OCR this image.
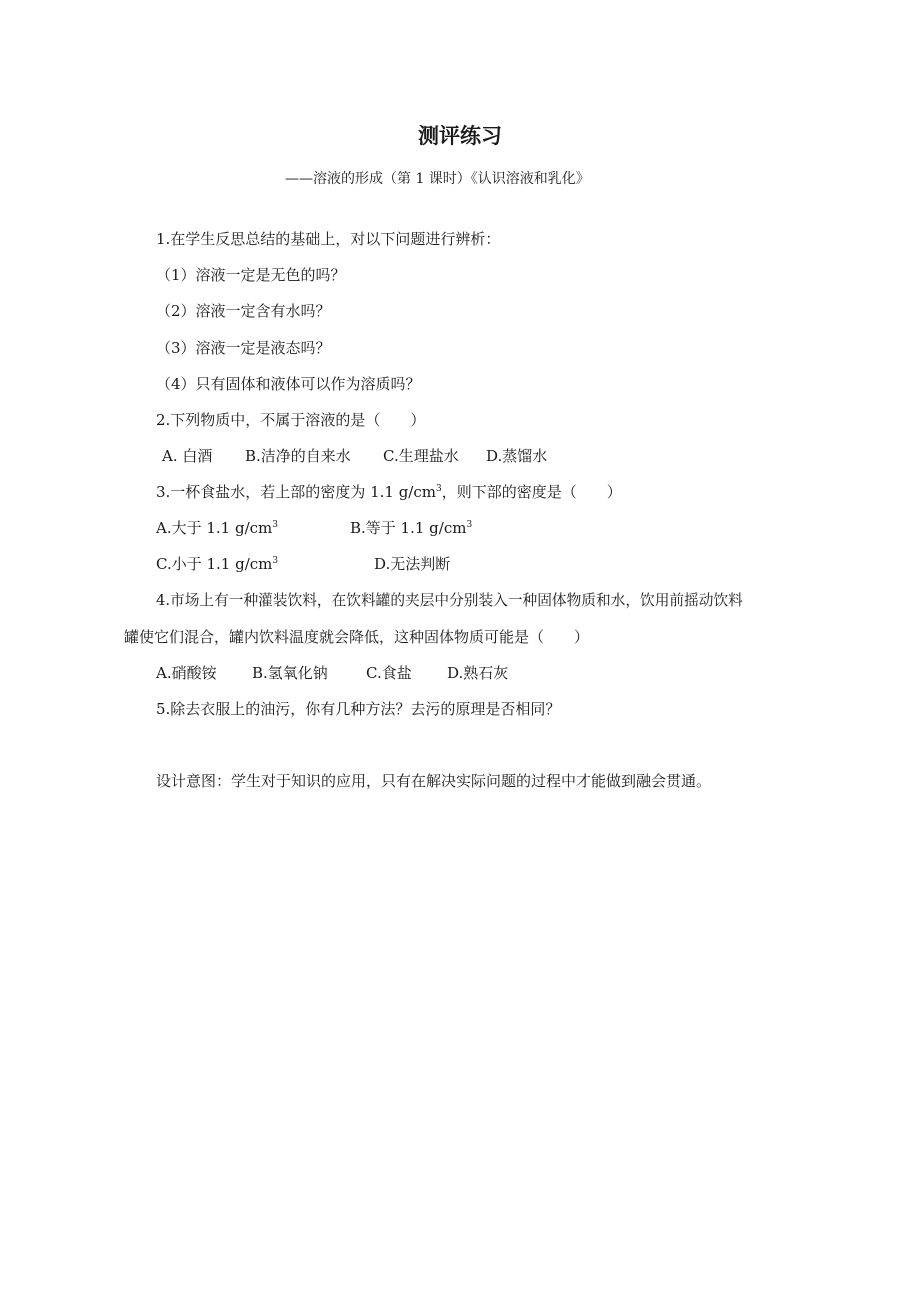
测评练习
——溶液的形成（第 1 课时）《认识溶液和乳化》
1.在学生反思总结的基础上，对以下问题进行辨析：
（1）溶液一定是无色的吗？
（2）溶液一定含有水吗？
（3）溶液一定是液态吗？
（4）只有固体和液体可以作为溶质吗？
2.下列物质中，不属于溶液的是（　　）
A. 白酒 B.洁净的自来水 C.生理盐水 D.蒸馏水
3.一杯食盐水，若上部的密度为 1.1 $g/cm^3$，则下部的密度是（　　）
A.大于 1.1 $g/cm^3$	B.等于 1.1 $g/cm^3$
C.小于 1.1 $g/cm^3$	D.无法判断
4.市场上有一种灌装饮料，在饮料罐的夹层中分别装入一种固体物质和水，饮用前摇动饮料
罐使它们混合，罐内饮料温度就会降低，这种固体物质可能是（　　）
A.硝酸铵 B.氢氧化钠	C.食盐 D.熟石灰
5.除去衣服上的油污，你有几种方法？去污的原理是否相同？
设计意图：学生对于知识的应用，只有在解决实际问题的过程中才能做到融会贯通。
